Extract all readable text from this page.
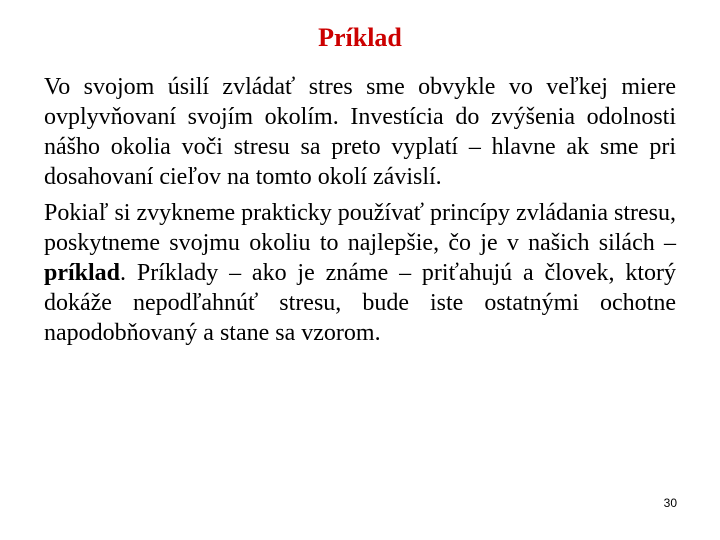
Príklad

Vo svojom úsilí zvládať stres sme obvykle vo veľkej miere ovplyvňovaní svojím okolím. Investícia do zvýšenia odolnosti nášho okolia voči stresu sa preto vyplatí – hlavne ak sme pri dosahovaní cieľov na tomto okolí závislí.

Pokiaľ si zvykneme prakticky používať princípy zvládania stresu, poskytneme svojmu okoliu to najlepšie, čo je v našich silách – príklad. Príklady – ako je známe – priťahujú a človek, ktorý dokáže nepodľahnúť stresu, bude iste ostatnými ochotne napodobňovaný a stane sa vzorom.

30
